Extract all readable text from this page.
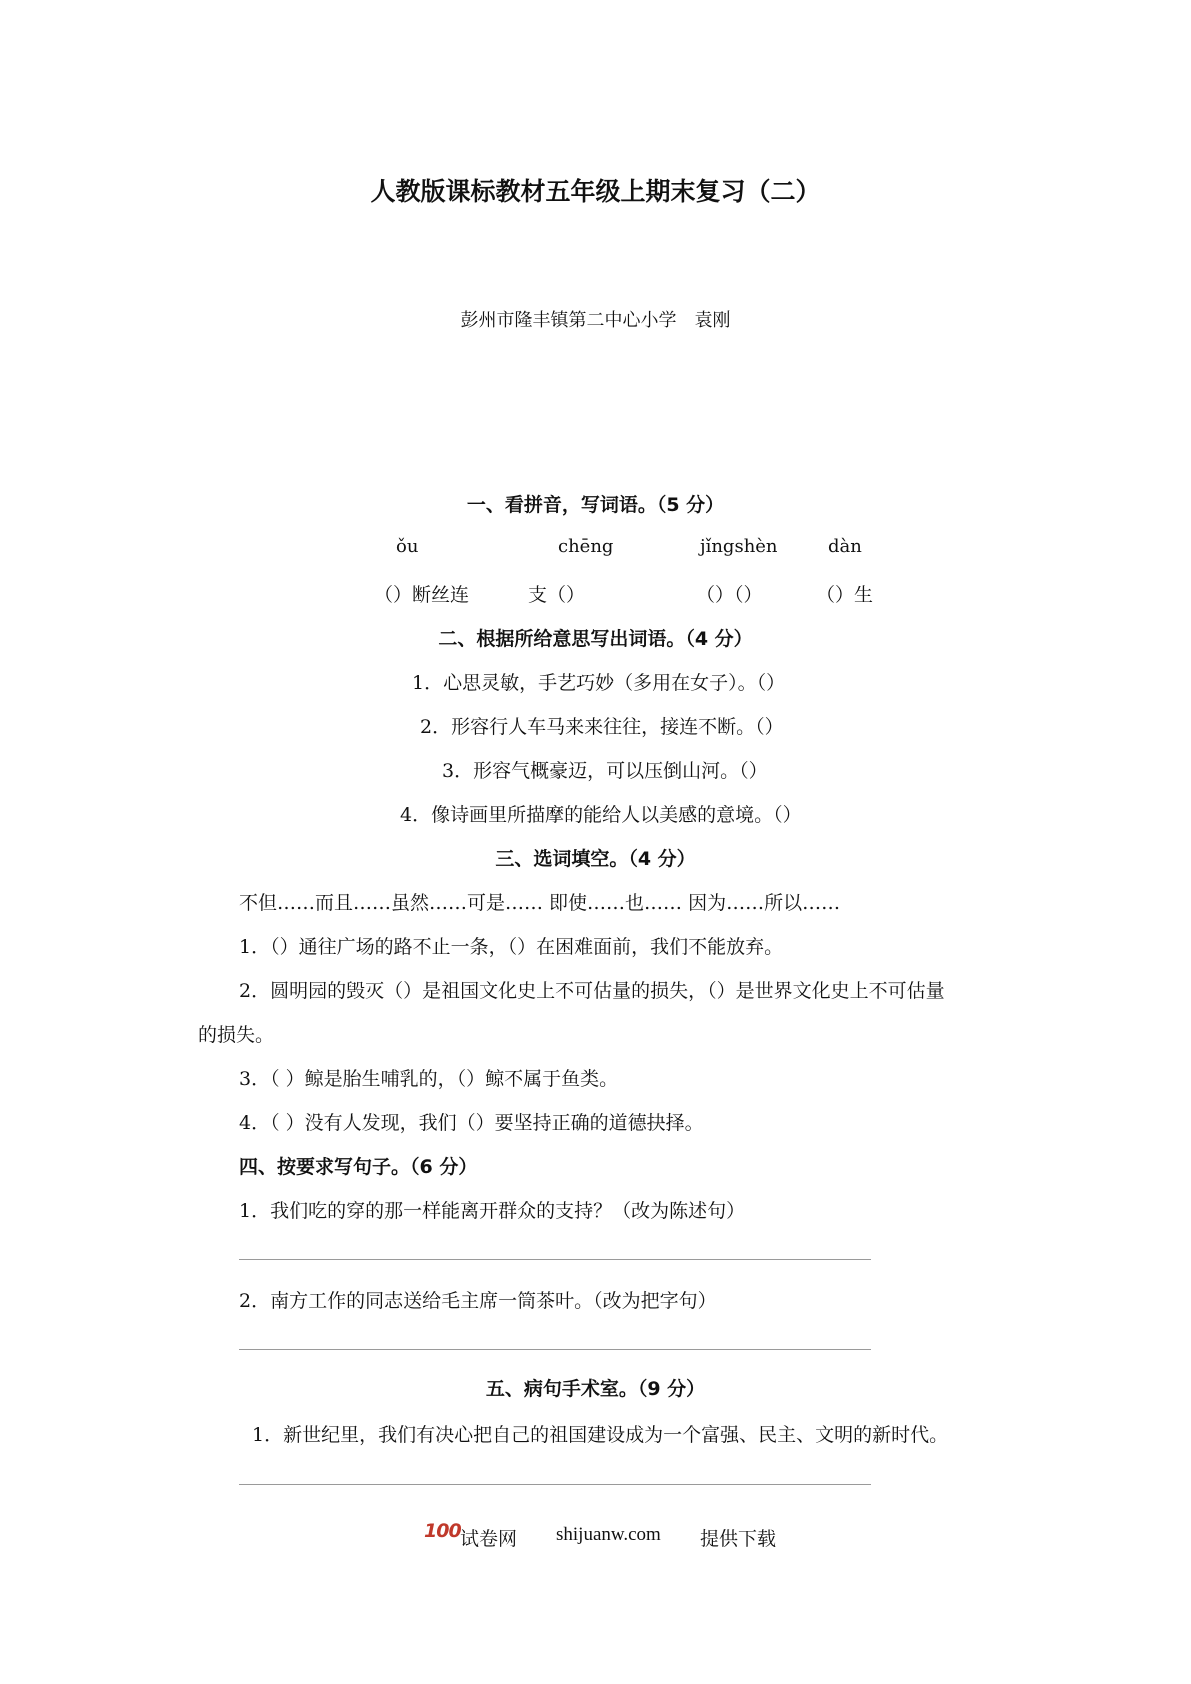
人教版课标教材五年级上期末复习（二）
彭州市隆丰镇第二中心小学　袁刚
一、看拼音，写词语。（5 分）
ǒu	chēng	jǐngshèn	dàn
（）断丝连	支（）	（）（）	（）生
二、根据所给意思写出词语。（4 分）
1．心思灵敏，手艺巧妙（多用在女子）。（）
2．形容行人车马来来往往，接连不断。（）
3．形容气概豪迈，可以压倒山河。（）
4．像诗画里所描摩的能给人以美感的意境。（）
三、选词填空。（4 分）
不但……而且……虽然……可是…… 即使……也…… 因为……所以……
1．（）通往广场的路不止一条，（）在困难面前，我们不能放弃。
2．圆明园的毁灭（）是祖国文化史上不可估量的损失，（）是世界文化史上不可估量
的损失。
3．（ ）鲸是胎生哺乳的，（）鲸不属于鱼类。
4．（ ）没有人发现，我们（）要坚持正确的道德抉择。
四、按要求写句子。（6 分）
1．我们吃的穿的那一样能离开群众的支持？（改为陈述句）
2．南方工作的同志送给毛主席一筒茶叶。（改为把字句）
五、病句手术室。（9 分）
1．新世纪里，我们有决心把自己的祖国建设成为一个富强、民主、文明的新时代。
100 试卷网 shijuanw.com 提供下载
